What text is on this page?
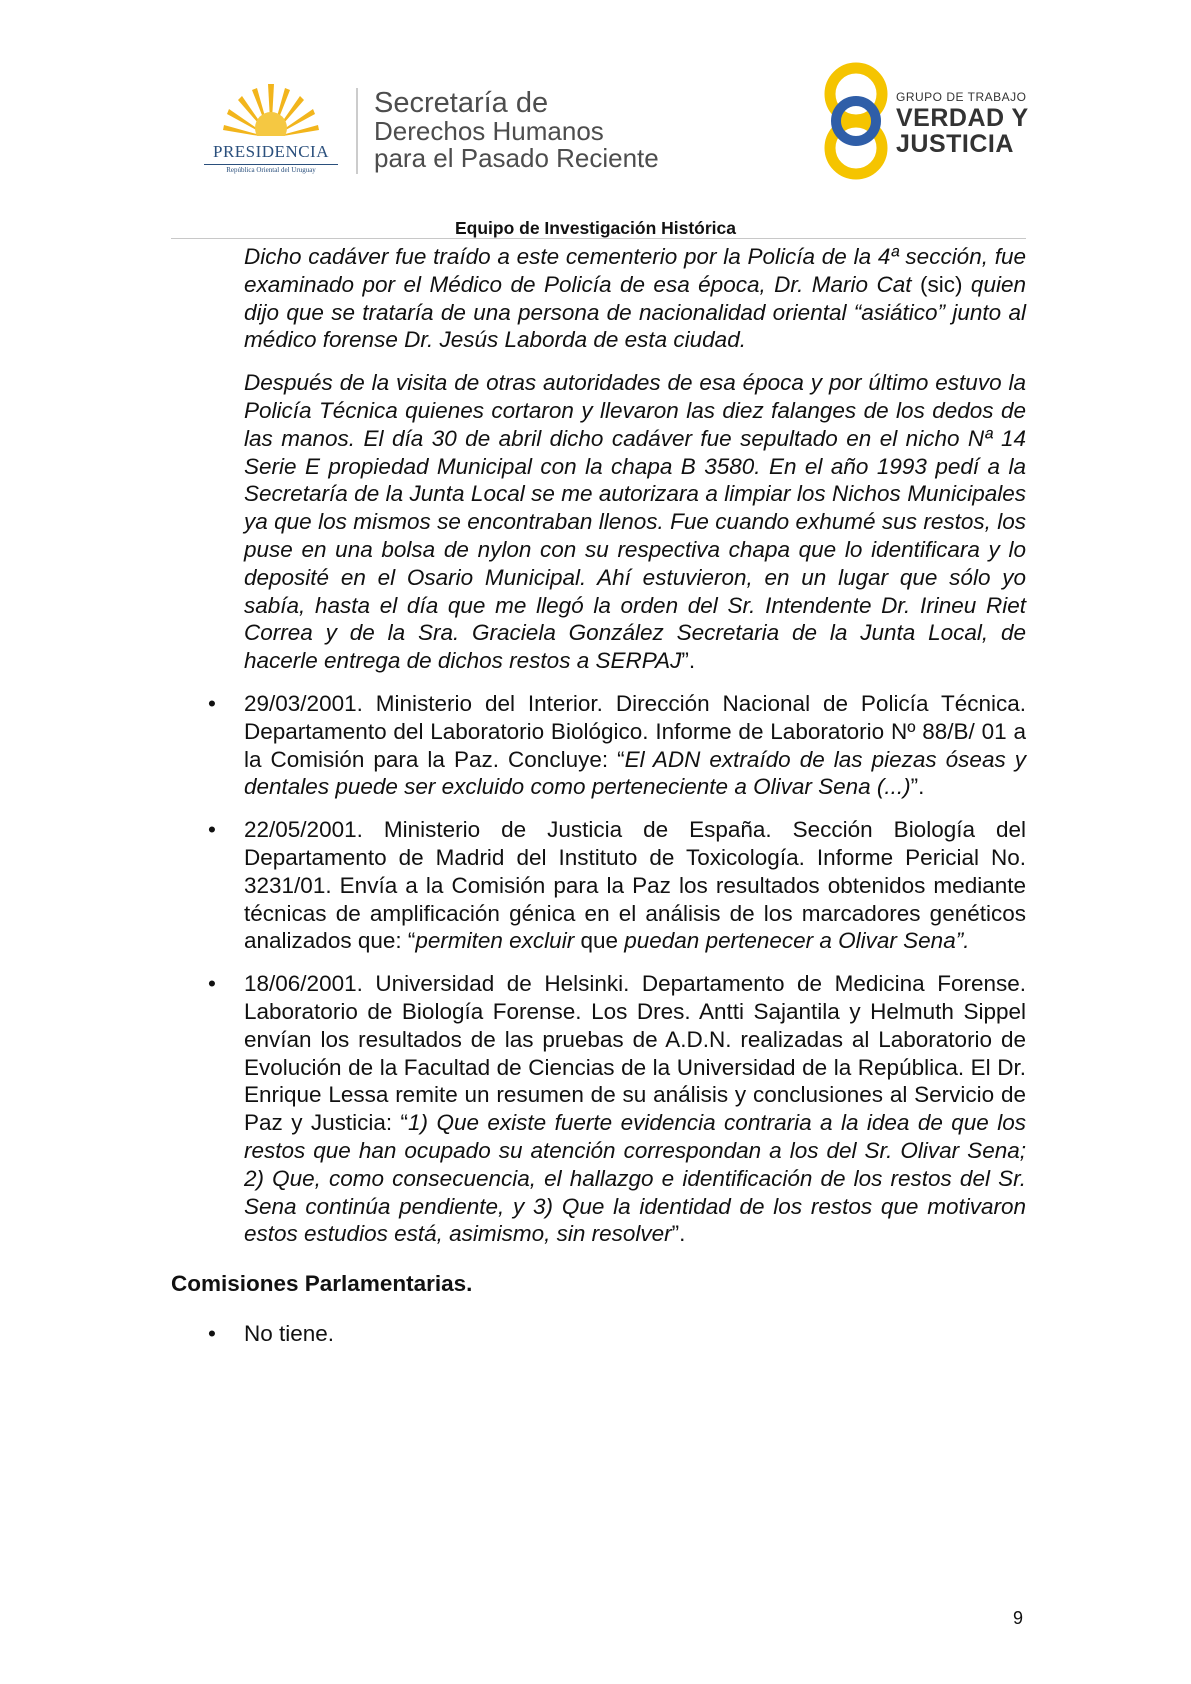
PRESIDENCIA
República Oriental del Uruguay
Secretaría de
Derechos Humanos
para el Pasado Reciente
GRUPO DE TRABAJO
VERDAD Y
JUSTICIA
Equipo de Investigación Histórica

Dicho cadáver fue traído a este cementerio por la Policía de la 4ª sección, fue examinado por el Médico de Policía de esa época, Dr. Mario Cat (sic) quien dijo que se trataría de una persona de nacionalidad oriental “asiático” junto al médico forense Dr. Jesús Laborda de esta ciudad.

Después de la visita de otras autoridades de esa época y por último estuvo la Policía Técnica quienes cortaron y llevaron las diez falanges de los dedos de las manos. El día 30 de abril dicho cadáver fue sepultado en el nicho Nª 14 Serie E propiedad Municipal con la chapa B 3580. En el año 1993 pedí a la Secretaría de la Junta Local se me autorizara a limpiar los Nichos Municipales ya que los mismos se encontraban llenos. Fue cuando exhumé sus restos, los puse en una bolsa de nylon con su respectiva chapa que lo identificara y lo deposité en el Osario Municipal. Ahí estuvieron, en un lugar que sólo yo sabía, hasta el día que me llegó la orden del Sr. Intendente Dr. Irineu Riet Correa y de la Sra. Graciela González Secretaria de la Junta Local, de hacerle entrega de dichos restos a SERPAJ”.

• 29/03/2001. Ministerio del Interior. Dirección Nacional de Policía Técnica. Departamento del Laboratorio Biológico. Informe de Laboratorio Nº 88/B/ 01 a la Comisión para la Paz. Concluye: “El ADN extraído de las piezas óseas y dentales puede ser excluido como perteneciente a Olivar Sena (...)”.

• 22/05/2001. Ministerio de Justicia de España. Sección Biología del Departamento de Madrid del Instituto de Toxicología. Informe Pericial No. 3231/01. Envía a la Comisión para la Paz los resultados obtenidos mediante técnicas de amplificación génica en el análisis de los marcadores genéticos analizados que: “permiten excluir que puedan pertenecer a Olivar Sena”.

• 18/06/2001. Universidad de Helsinki. Departamento de Medicina Forense. Laboratorio de Biología Forense. Los Dres. Antti Sajantila y Helmuth Sippel envían los resultados de las pruebas de A.D.N. realizadas al Laboratorio de Evolución de la Facultad de Ciencias de la Universidad de la República. El Dr. Enrique Lessa remite un resumen de su análisis y conclusiones al Servicio de Paz y Justicia: “1) Que existe fuerte evidencia contraria a la idea de que los restos que han ocupado su atención correspondan a los del Sr. Olivar Sena; 2) Que, como consecuencia, el hallazgo e identificación de los restos del Sr. Sena continúa pendiente, y 3) Que la identidad de los restos que motivaron estos estudios está, asimismo, sin resolver”.

Comisiones Parlamentarias.
• No tiene.

9
